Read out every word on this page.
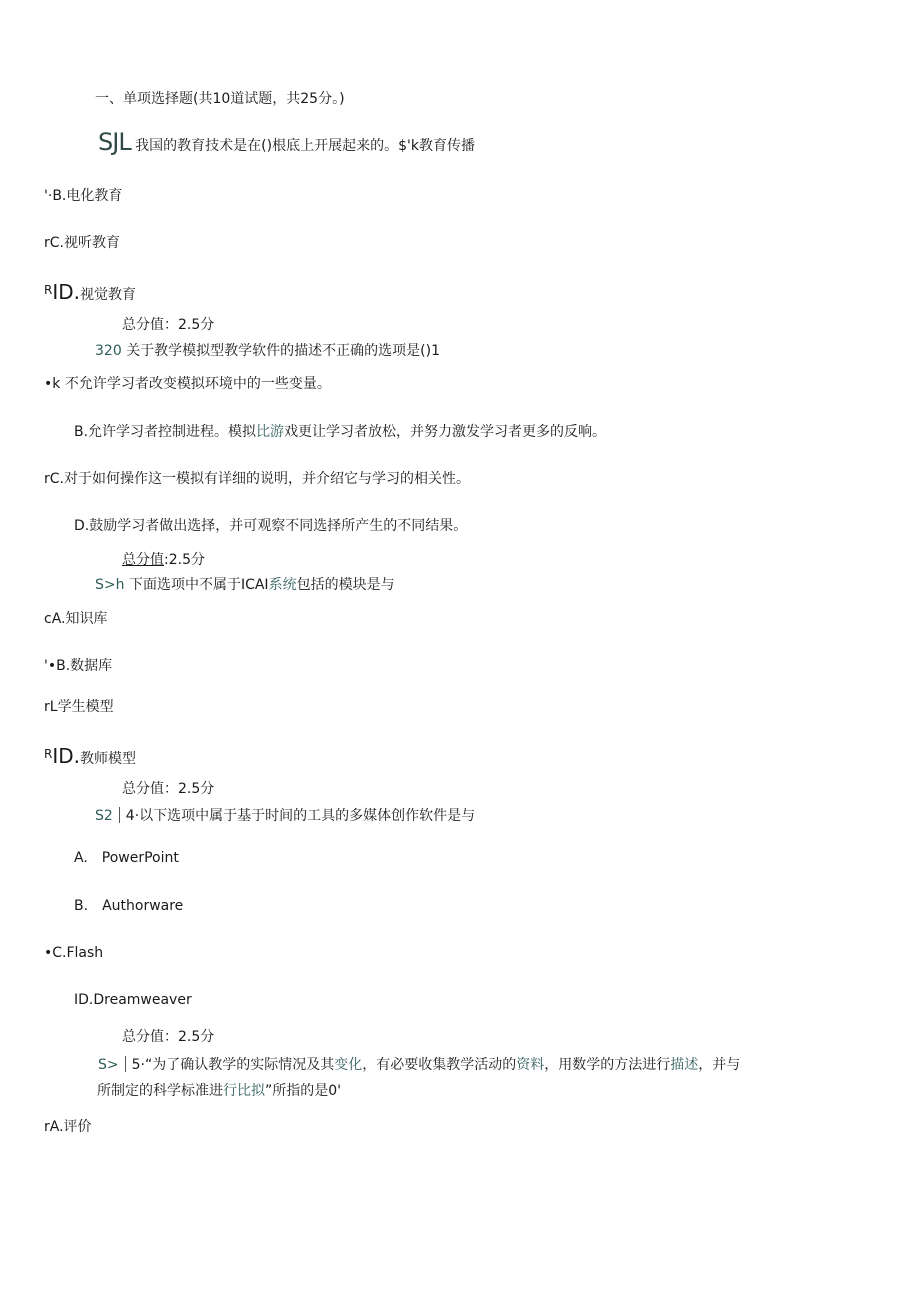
一、单项选择题(共10道试题，共25分。)
SJL 我国的教育技术是在()根底上开展起来的。$'k教育传播
'·B.电化教育
rC.视听教育
RID.视觉教育
总分值：2.5分
320 关于教学模拟型教学软件的描述不正确的选项是()1
•k 不允许学习者改变模拟环境中的一些变量。
B.允许学习者控制进程。模拟比游戏更让学习者放松，并努力激发学习者更多的反响。
rC.对于如何操作这一模拟有详细的说明，并介绍它与学习的相关性。
D.鼓励学习者做出选择，并可观察不同选择所产生的不同结果。
总分值:2.5分
S>h 下面选项中不属于ICAI系统包括的模块是与
cA.知识库
'•B.数据库
rL学生模型
RID.教师模型
总分值：2.5分
S2 4·以下选项中属于基于时间的工具的多媒体创作软件是与
A. PowerPoint
B. Authorware
•C.Flash
ID.Dreamweaver
总分值：2.5分
S> 5·“为了确认教学的实际情况及其变化，有必要收集教学活动的资料，用数学的方法进行描述，并与
所制定的科学标准进行比拟”所指的是0'
rA.评价
